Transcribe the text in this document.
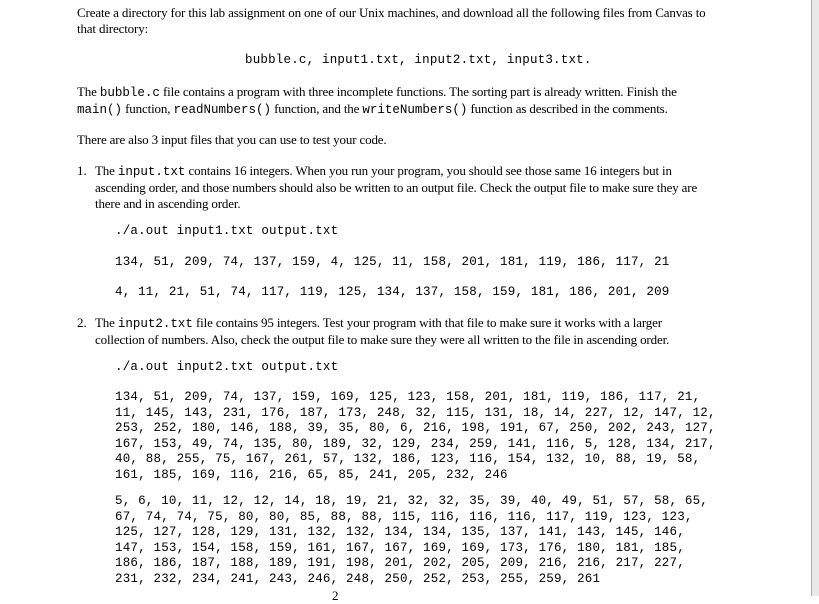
Create a directory for this lab assignment on one of our Unix machines, and download all the following files from Canvas to
that directory:

bubble.c, input1.txt, input2.txt, input3.txt.

The bubble.c file contains a program with three incomplete functions. The sorting part is already written. Finish the
main() function, readNumbers() function, and the writeNumbers() function as described in the comments.

There are also 3 input files that you can use to test your code.

1. The input.txt contains 16 integers. When you run your program, you should see those same 16 integers but in
ascending order, and those numbers should also be written to an output file. Check the output file to make sure they are
there and in ascending order.

./a.out input1.txt output.txt
134, 51, 209, 74, 137, 159, 4, 125, 11, 158, 201, 181, 119, 186, 117, 21
4, 11, 21, 51, 74, 117, 119, 125, 134, 137, 158, 159, 181, 186, 201, 209
2. The input2.txt file contains 95 integers. Test your program with that file to make sure it works with a larger
collection of numbers. Also, check the output file to make sure they were all written to the file in ascending order.

./a.out input2.txt output.txt
134, 51, 209, 74, 137, 159, 169, 125, 123, 158, 201, 181, 119, 186, 117, 21,
11, 145, 143, 231, 176, 187, 173, 248, 32, 115, 131, 18, 14, 227, 12, 147, 12,
253, 252, 180, 146, 188, 39, 35, 80, 6, 216, 198, 191, 67, 250, 202, 243, 127,
167, 153, 49, 74, 135, 80, 189, 32, 129, 234, 259, 141, 116, 5, 128, 134, 217,
40, 88, 255, 75, 167, 261, 57, 132, 186, 123, 116, 154, 132, 10, 88, 19, 58,
161, 185, 169, 116, 216, 65, 85, 241, 205, 232, 246
5, 6, 10, 11, 12, 12, 14, 18, 19, 21, 32, 32, 35, 39, 40, 49, 51, 57, 58, 65,
67, 74, 74, 75, 80, 80, 85, 88, 88, 115, 116, 116, 116, 117, 119, 123, 123,
125, 127, 128, 129, 131, 132, 132, 134, 134, 135, 137, 141, 143, 145, 146,
147, 153, 154, 158, 159, 161, 167, 167, 169, 169, 173, 176, 180, 181, 185,
186, 186, 187, 188, 189, 191, 198, 201, 202, 205, 209, 216, 216, 217, 227,
231, 232, 234, 241, 243, 246, 248, 250, 252, 253, 255, 259, 261
2
